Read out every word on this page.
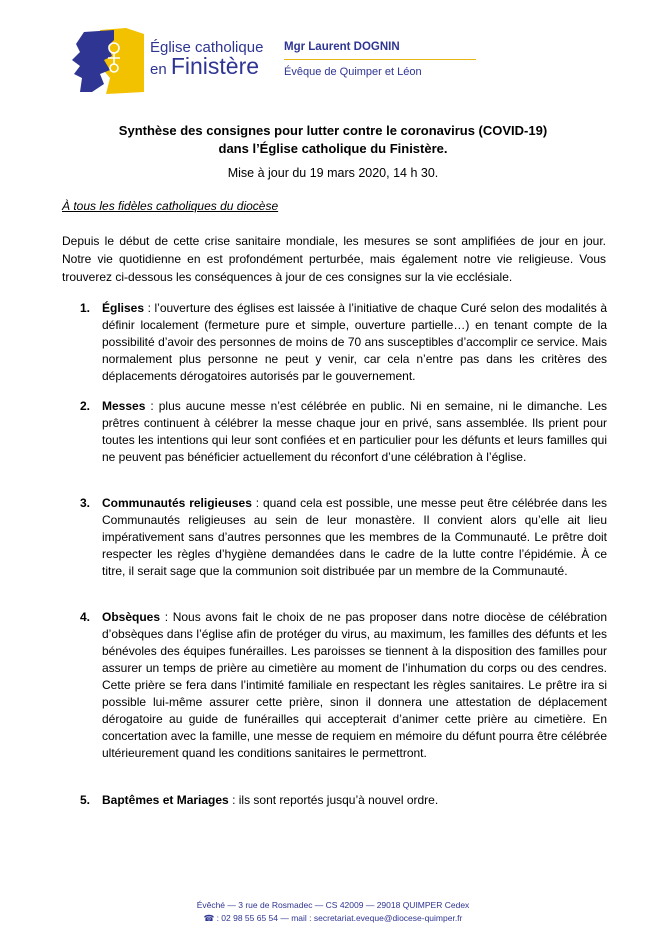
Église catholique
en Finistère
Mgr Laurent DOGNIN
Évêque de Quimper et Léon
Synthèse des consignes pour lutter contre le coronavirus (COVID-19)
dans l’Église catholique du Finistère.
Mise à jour du 19 mars 2020, 14 h 30.
À tous les fidèles catholiques du diocèse
Depuis le début de cette crise sanitaire mondiale, les mesures se sont amplifiées de jour en jour. Notre vie quotidienne en est profondément perturbée, mais également notre vie religieuse. Vous trouverez ci-dessous les conséquences à jour de ces consignes sur la vie ecclésiale.
1. Églises : l’ouverture des églises est laissée à l’initiative de chaque Curé selon des modalités à définir localement (fermeture pure et simple, ouverture partielle…) en tenant compte de la possibilité d’avoir des personnes de moins de 70 ans susceptibles d’accomplir ce service. Mais normalement plus personne ne peut y venir, car cela n’entre pas dans les critères des déplacements dérogatoires autorisés par le gouvernement.
2. Messes : plus aucune messe n’est célébrée en public. Ni en semaine, ni le dimanche. Les prêtres continuent à célébrer la messe chaque jour en privé, sans assemblée. Ils prient pour toutes les intentions qui leur sont confiées et en particulier pour les défunts et leurs familles qui ne peuvent pas bénéficier actuellement du réconfort d’une célébration à l’église.
3. Communautés religieuses : quand cela est possible, une messe peut être célébrée dans les Communautés religieuses au sein de leur monastère. Il convient alors qu’elle ait lieu impérativement sans d’autres personnes que les membres de la Communauté. Le prêtre doit respecter les règles d’hygiène demandées dans le cadre de la lutte contre l’épidémie. À ce titre, il serait sage que la communion soit distribuée par un membre de la Communauté.
4. Obsèques : Nous avons fait le choix de ne pas proposer dans notre diocèse de célébration d’obsèques dans l’église afin de protéger du virus, au maximum, les familles des défunts et les bénévoles des équipes funérailles. Les paroisses se tiennent à la disposition des familles pour assurer un temps de prière au cimetière au moment de l’inhumation du corps ou des cendres. Cette prière se fera dans l’intimité familiale en respectant les règles sanitaires. Le prêtre ira si possible lui-même assurer cette prière, sinon il donnera une attestation de déplacement dérogatoire au guide de funérailles qui accepterait d’animer cette prière au cimetière. En concertation avec la famille, une messe de requiem en mémoire du défunt pourra être célébrée ultérieurement quand les conditions sanitaires le permettront.
5. Baptêmes et Mariages : ils sont reportés jusqu’à nouvel ordre.
Évêché — 3 rue de Rosmadec — CS 42009 — 29018 QUIMPER Cedex
☎ : 02 98 55 65 54 — mail : secretariat.eveque@diocese-quimper.fr
